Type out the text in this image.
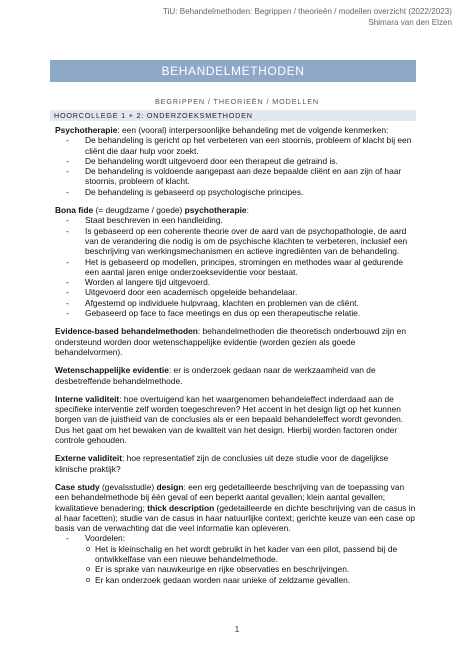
TiU: Behandelmethoden: Begrippen / theorieën / modellen overzicht (2022/2023)
Shimara van den Elzen
BEHANDELMETHODEN
BEGRIPPEN / THEORIEËN / MODELLEN
HOORCOLLEGE 1 + 2: ONDERZOEKSMETHODEN

Psychotherapie: een (vooral) interpersoonlijke behandeling met de volgende kenmerken:

- De behandeling is gericht op het verbeteren van een stoornis, probleem of klacht bij een cliënt die daar hulp voor zoekt.
- De behandeling wordt uitgevoerd door een therapeut die getraind is.
- De behandeling is voldoende aangepast aan deze bepaalde cliënt en aan zijn of haar stoornis, probleem of klacht.
- De behandeling is gebaseerd op psychologische principes.

Bona fide (= deugdzame / goede) psychotherapie:

- Staat beschreven in een handleiding.
- Is gebaseerd op een coherente theorie over de aard van de psychopathologie, de aard van de verandering die nodig is om de psychische klachten te verbeteren, inclusief een beschrijving van werkingsmechanismen en actieve ingrediënten van de behandeling.
- Het is gebaseerd op modellen, principes, stromingen en methodes waar al gedurende een aantal jaren enige onderzoeksevidentie voor bestaat.
- Worden al langere tijd uitgevoerd.
- Uitgevoerd door een academisch opgeleide behandelaar.
- Afgestemd op individuele hulpvraag, klachten en problemen van de cliënt.
- Gebaseerd op face to face meetings en dus op een therapeutische relatie.

Evidence-based behandelmethoden: behandelmethoden die theoretisch onderbouwd zijn en ondersteund worden door wetenschappelijke evidentie (worden gezien als goede behandelvormen).

Wetenschappelijke evidentie: er is onderzoek gedaan naar de werkzaamheid van de desbetreffende behandelmethode.

Interne validiteit: hoe overtuigend kan het waargenomen behandeleffect inderdaad aan de specifieke interventie zelf worden toegeschreven? Het accent in het design ligt op het kunnen borgen van de juistheid van de conclusies als er een bepaald behandeleffect wordt gevonden. Dus het gaat om het bewaken van de kwaliteit van het design. Hierbij worden factoren onder controle gehouden.

Externe validiteit: hoe representatief zijn de conclusies uit deze studie voor de dagelijkse klinische praktijk?

Case study (gevalsstudie) design: een erg gedetailleerde beschrijving van de toepassing van een behandelmethode bij één geval of een beperkt aantal gevallen; klein aantal gevallen; kwalitatieve benadering; thick description (gedetailleerde en dichte beschrijving van de casus in al haar facetten); studie van de casus in haar natuurlijke context; gerichte keuze van een case op basis van de verwachting dat die veel informatie kan opleveren.

- Voordelen:
o Het is kleinschalig en het wordt gebruikt in het kader van een pilot, passend bij de ontwikkelfase van een nieuwe behandelmethode.
o Er is sprake van nauwkeurige en rijke observaties en beschrijvingen.
o Er kan onderzoek gedaan worden naar unieke of zeldzame gevallen.
1
